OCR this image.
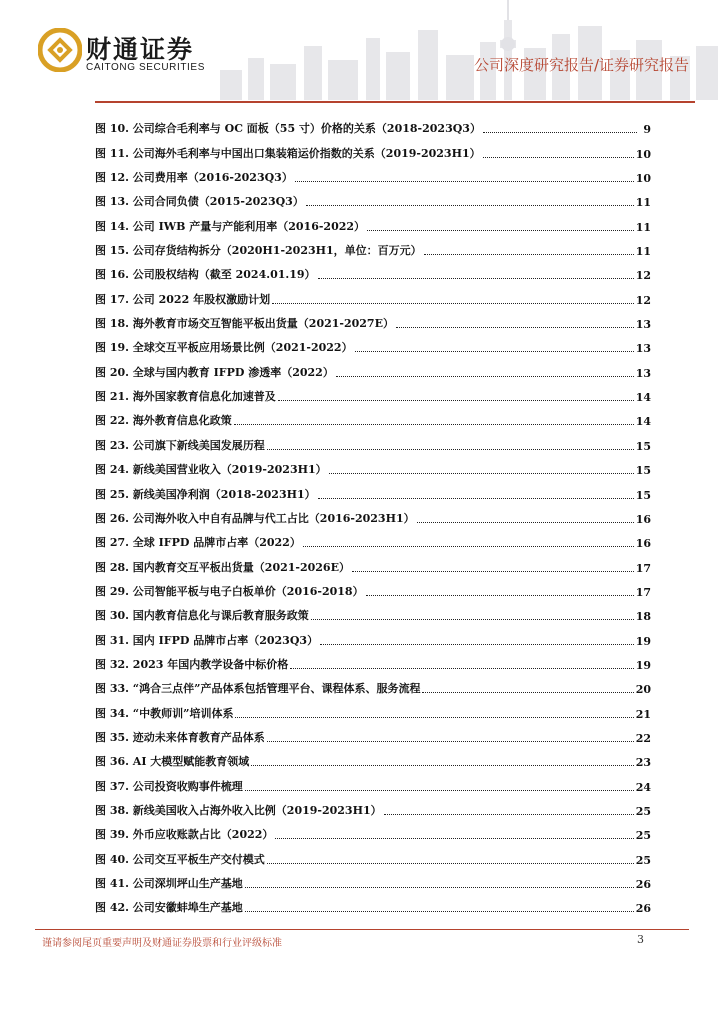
财通证券
CAITONG SECURITIES	公司深度研究报告/证券研究报告
图 10. 公司综合毛利率与 OC 面板（55 寸）价格的关系（2018-2023Q3）	9
图 11. 公司海外毛利率与中国出口集装箱运价指数的关系（2019-2023H1）	10
图 12. 公司费用率（2016-2023Q3）	10
图 13. 公司合同负债（2015-2023Q3）	11
图 14. 公司 IWB 产量与产能利用率（2016-2022）	11
图 15. 公司存货结构拆分（2020H1-2023H1，单位：百万元）	11
图 16. 公司股权结构（截至 2024.01.19）	12
图 17. 公司 2022 年股权激励计划	12
图 18. 海外教育市场交互智能平板出货量（2021-2027E）	13
图 19. 全球交互平板应用场景比例（2021-2022）	13
图 20. 全球与国内教育 IFPD 渗透率（2022）	13
图 21. 海外国家教育信息化加速普及	14
图 22. 海外教育信息化政策	14
图 23. 公司旗下新线美国发展历程	15
图 24. 新线美国营业收入（2019-2023H1）	15
图 25. 新线美国净利润（2018-2023H1）	15
图 26. 公司海外收入中自有品牌与代工占比（2016-2023H1）	16
图 27. 全球 IFPD 品牌市占率（2022）	16
图 28. 国内教育交互平板出货量（2021-2026E）	17
图 29. 公司智能平板与电子白板单价（2016-2018）	17
图 30. 国内教育信息化与课后教育服务政策	18
图 31. 国内 IFPD 品牌市占率（2023Q3）	19
图 32. 2023 年国内教学设备中标价格	19
图 33. “鸿合三点伴”产品体系包括管理平台、课程体系、服务流程	20
图 34. “中教师训”培训体系	21
图 35. 迹动未来体育教育产品体系	22
图 36. AI 大模型赋能教育领域	23
图 37. 公司投资收购事件梳理	24
图 38. 新线美国收入占海外收入比例（2019-2023H1）	25
图 39. 外币应收账款占比（2022）	25
图 40. 公司交互平板生产交付模式	25
图 41. 公司深圳坪山生产基地	26
图 42. 公司安徽蚌埠生产基地	26
谨请参阅尾页重要声明及财通证券股票和行业评级标准	3
